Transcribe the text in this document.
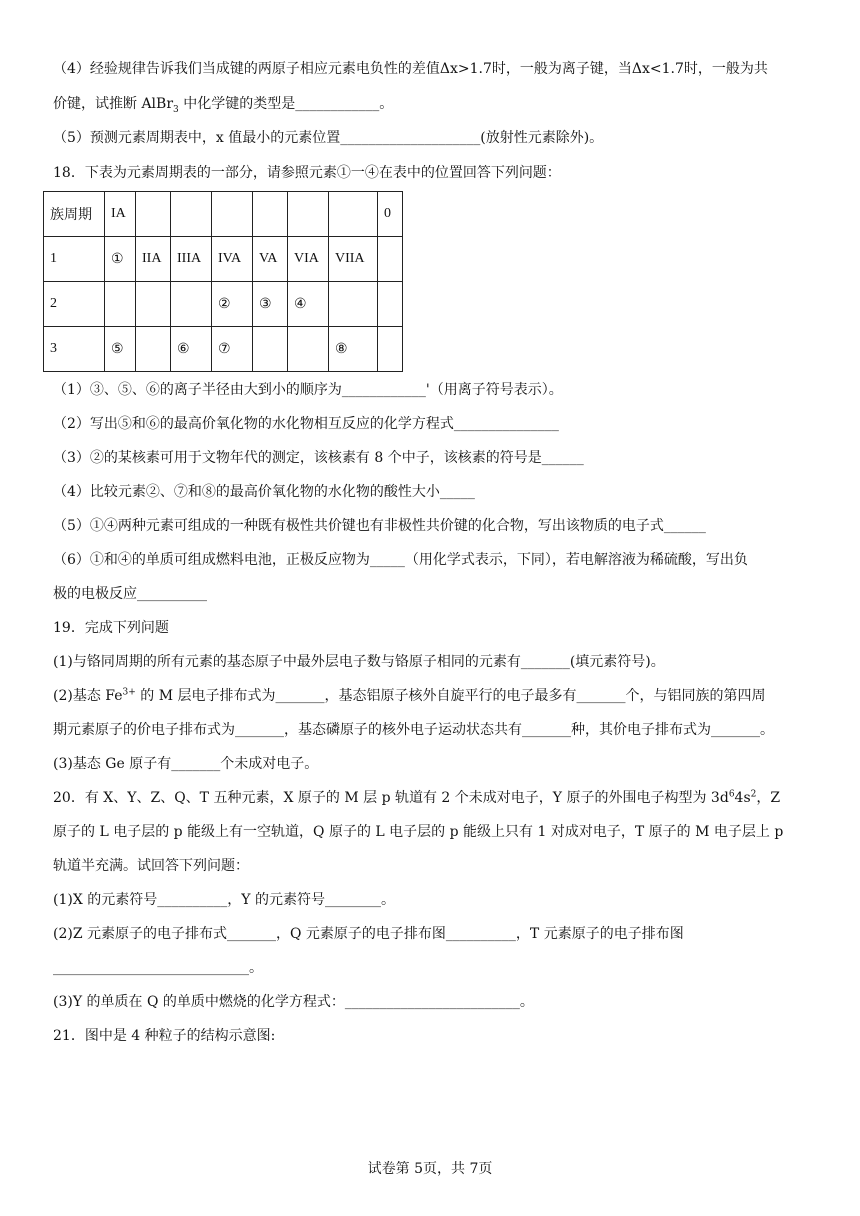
（4）经验规律告诉我们当成键的两原子相应元素电负性的差值Δx>1.7时，一般为离子键，当Δx<1.7时，一般为共
价键，试推断 AlBr$_3$ 中化学键的类型是____________。
（5）预测元素周期表中，x 值最小的元素位置____________________(放射性元素除外)。
18．下表为元素周期表的一部分，请参照元素①一④在表中的位置回答下列问题：
族周期	IA							0
1	①	IIA	IIIA	IVA	VA	VIA	VIIA	
2				②	③	④		
3	⑤		⑥	⑦			⑧	
（1）③、⑤、⑥的离子半径由大到小的顺序为____________'（用离子符号表示）。
（2）写出⑤和⑥的最高价氧化物的水化物相互反应的化学方程式_______________
（3）②的某核素可用于文物年代的测定，该核素有 8 个中子，该核素的符号是______
（4）比较元素②、⑦和⑧的最高价氧化物的水化物的酸性大小_____
（5）①④两种元素可组成的一种既有极性共价键也有非极性共价键的化合物，写出该物质的电子式______
（6）①和④的单质可组成燃料电池，正极反应物为_____（用化学式表示，下同），若电解溶液为稀硫酸，写出负
极的电极反应__________
19．完成下列问题
(1)与铬同周期的所有元素的基态原子中最外层电子数与铬原子相同的元素有_______(填元素符号)。
(2)基态 $Fe^{3+}$ 的 M 层电子排布式为_______，基态铝原子核外自旋平行的电子最多有_______个，与铝同族的第四周
期元素原子的价电子排布式为_______，基态磷原子的核外电子运动状态共有_______种，其价电子排布式为_______。
(3)基态 Ge 原子有_______个未成对电子。
20．有 X、Y、Z、Q、T 五种元素，X 原子的 M 层 p 轨道有 2 个未成对电子，Y 原子的外围电子构型为 $3d^64s^2$，Z
原子的 L 电子层的 p 能级上有一空轨道，Q 原子的 L 电子层的 p 能级上只有 1 对成对电子，T 原子的 M 电子层上 p
轨道半充满。试回答下列问题：
(1)X 的元素符号__________，Y 的元素符号________。
(2)Z 元素原子的电子排布式_______，Q 元素原子的电子排布图__________，T 元素原子的电子排布图
____________________________。
(3)Y 的单质在 Q 的单质中燃烧的化学方程式：_________________________。
21．图中是 4 种粒子的结构示意图:
试卷第 5页，共 7页
